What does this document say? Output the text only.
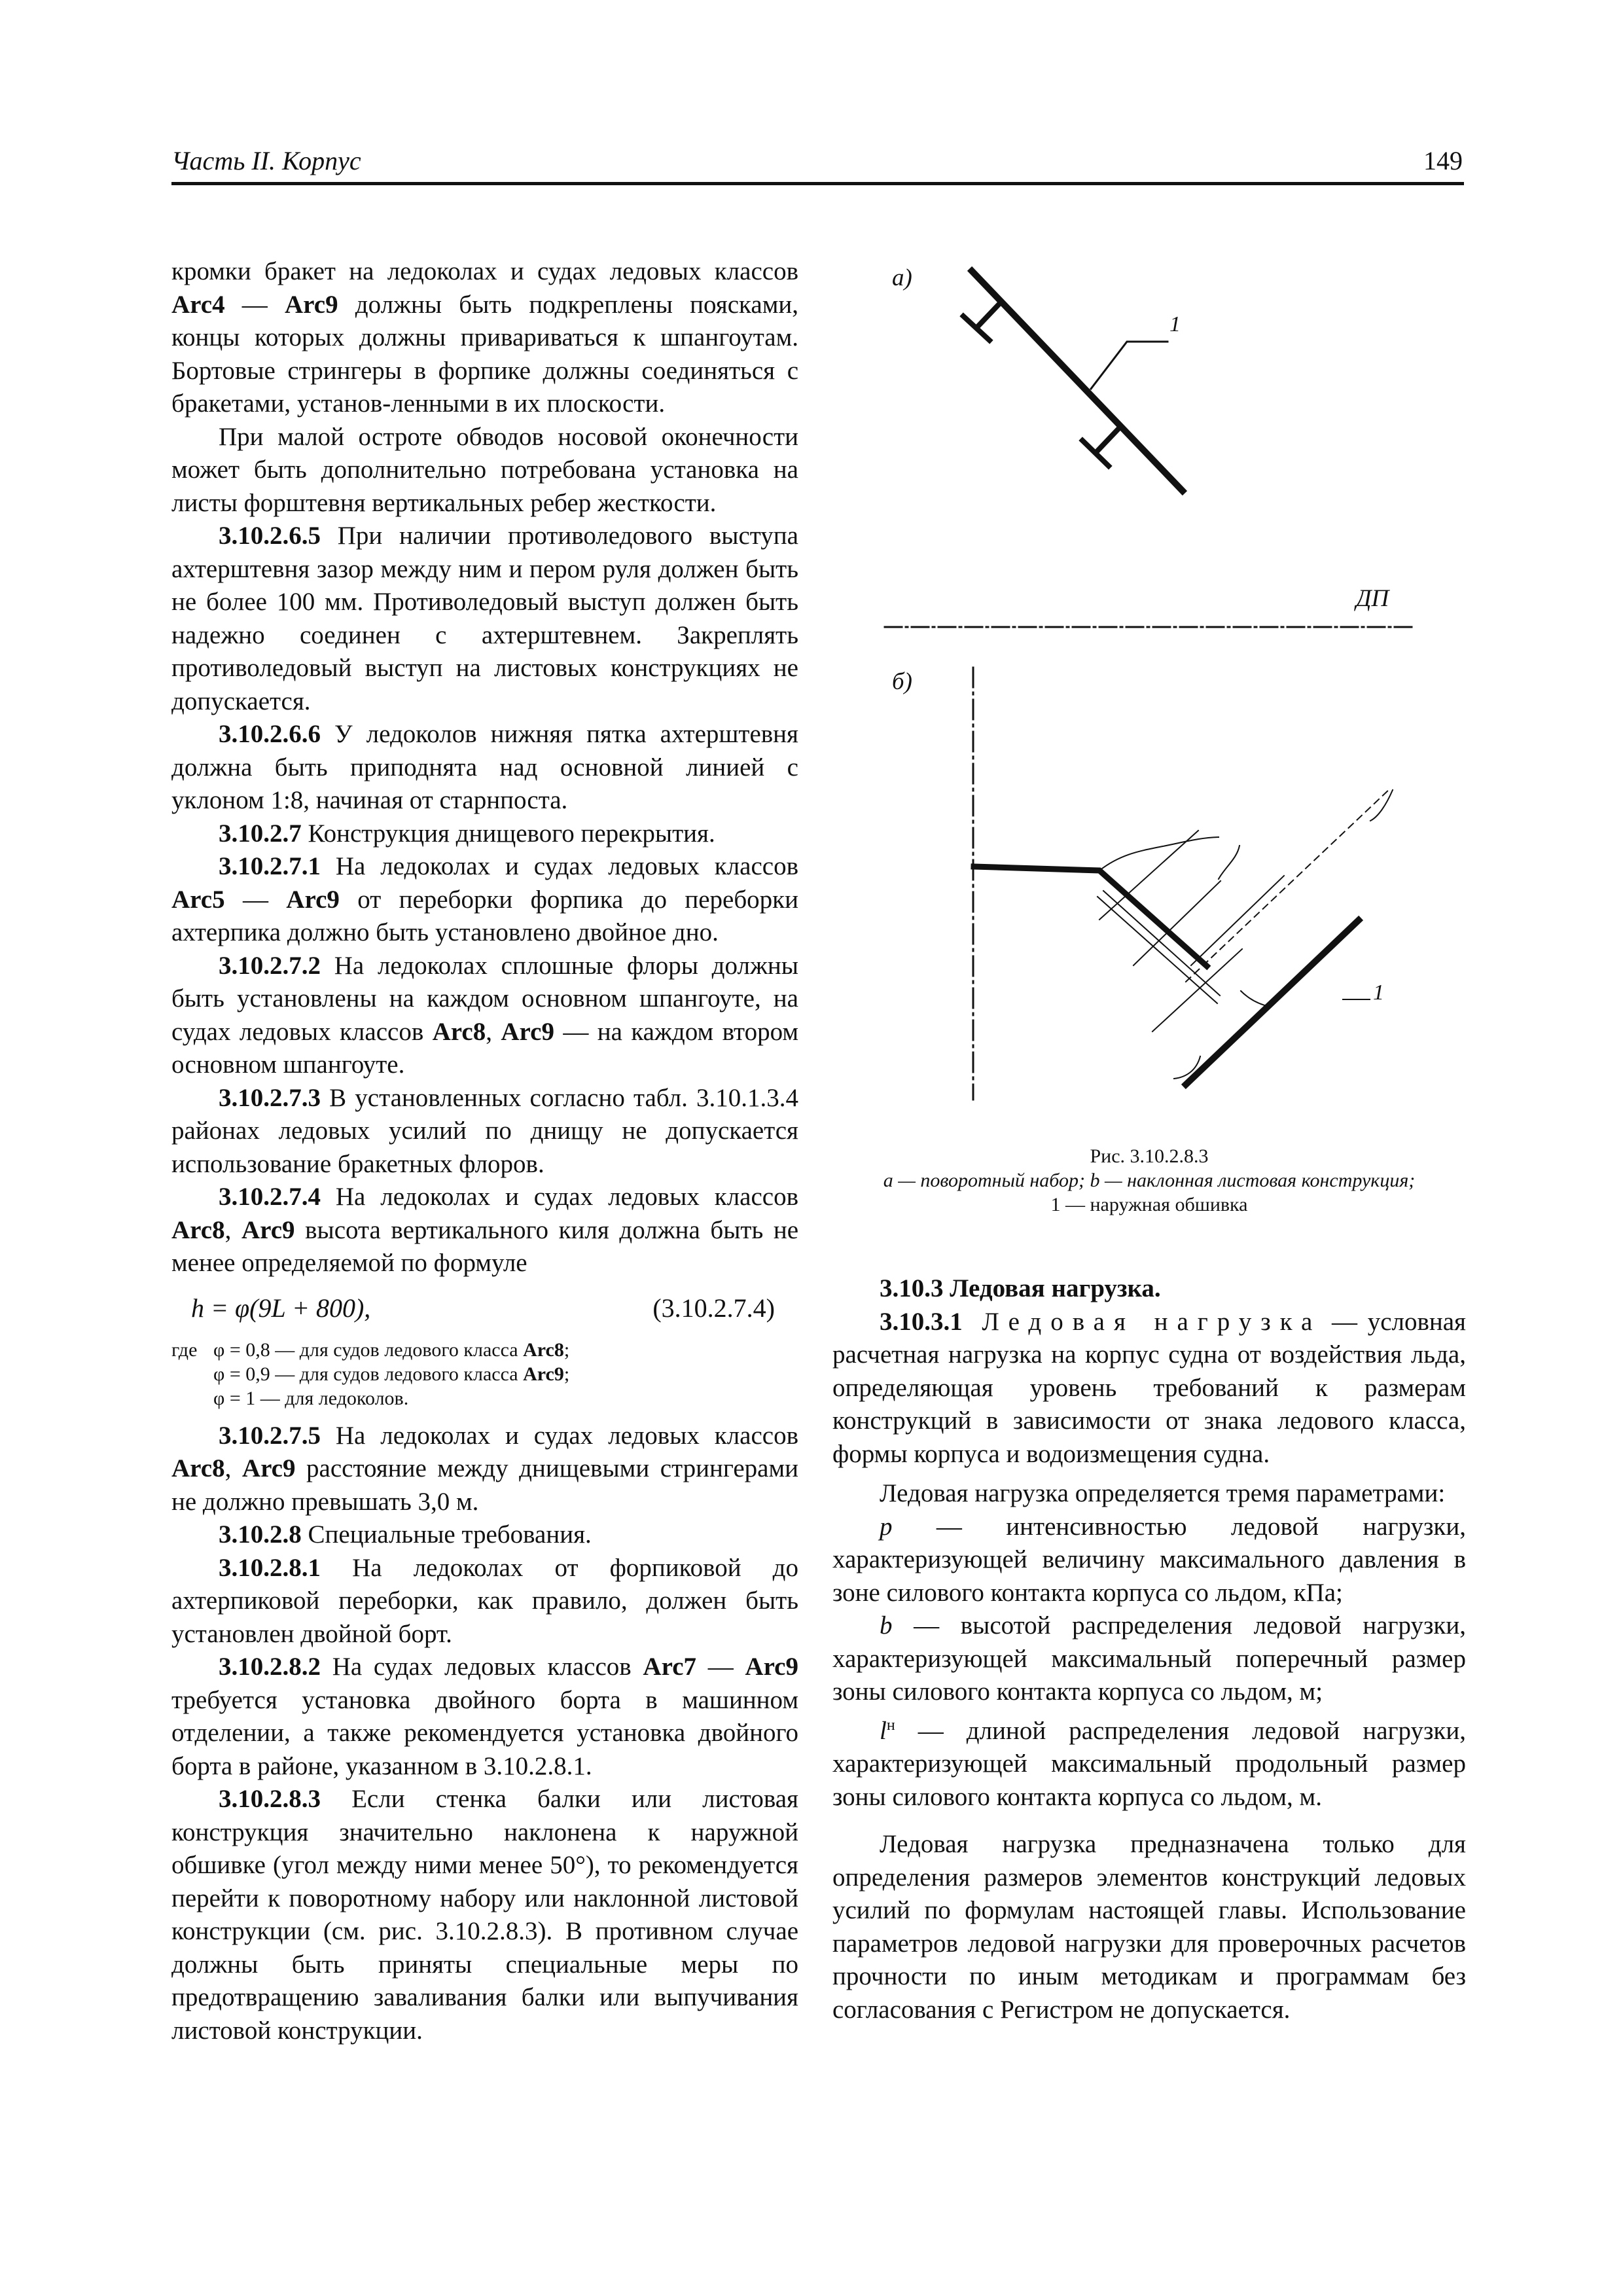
Часть II. Корпус	149

кромки бракет на ледоколах и судах ледовых классов Arc4 — Arc9 должны быть подкреплены поясками, концы которых должны привариваться к шпангоутам. Бортовые стрингеры в форпике должны соединяться с бракетами, установ-ленными в их плоскости.

При малой остроте обводов носовой оконечности может быть дополнительно потребована установка на листы форштевня вертикальных ребер жесткости.

3.10.2.6.5 При наличии противоледового выступа ахтерштевня зазор между ним и пером руля должен быть не более 100 мм. Противоледовый выступ должен быть надежно соединен с ахтерштевнем. Закреплять противоледовый выступ на листовых конструкциях не допускается.

3.10.2.6.6 У ледоколов нижняя пятка ахтерштевня должна быть приподнята над основной линией с уклоном 1:8, начиная от старнпоста.

3.10.2.7 Конструкция днищевого перекрытия.

3.10.2.7.1 На ледоколах и судах ледовых классов Arc5 — Arc9 от переборки форпика до переборки ахтерпика должно быть установлено двойное дно.

3.10.2.7.2 На ледоколах сплошные флоры должны быть установлены на каждом основном шпангоуте, на судах ледовых классов Arc8, Arc9 — на каждом втором основном шпангоуте.

3.10.2.7.3 В установленных согласно табл. 3.10.1.3.4 районах ледовых усилий по днищу не допускается использование бракетных флоров.

3.10.2.7.4 На ледоколах и судах ледовых классов Arc8, Arc9 высота вертикального киля должна быть не менее определяемой по формуле

h = φ(9L + 800),	(3.10.2.7.4)
где φ = 0,8 — для судов ледового класса Arc8;
φ = 0,9 — для судов ледового класса Arc9;
φ = 1 — для ледоколов.

3.10.2.7.5 На ледоколах и судах ледовых классов Arc8, Arc9 расстояние между днищевыми стрингерами не должно превышать 3,0 м.

3.10.2.8 Специальные требования.

3.10.2.8.1 На ледоколах от форпиковой до ахтерпиковой переборки, как правило, должен быть установлен двойной борт.

3.10.2.8.2 На судах ледовых классов Arc7 — Arc9 требуется установка двойного борта в машинном отделении, а также рекомендуется установка двойного борта в районе, указанном в 3.10.2.8.1.

3.10.2.8.3 Если стенка балки или листовая конструкция значительно наклонена к наружной обшивке (угол между ними менее 50°), то рекомендуется перейти к поворотному набору или наклонной листовой конструкции (см. рис. 3.10.2.8.3). В противном случае должны быть приняты специальные меры по предотвращению заваливания балки или выпучивания листовой конструкции.

а)
1
ДП
б)
1
Рис. 3.10.2.8.3
а — поворотный набор; b — наклонная листовая конструкция;
1 — наружная обшивка

3.10.3 Ледовая нагрузка.

3.10.3.1 Ледовая нагрузка — условная расчетная нагрузка на корпус судна от воздействия льда, определяющая уровень требований к размерам конструкций в зависимости от знака ледового класса, формы корпуса и водоизмещения судна.

Ледовая нагрузка определяется тремя параметрами:

p — интенсивностью ледовой нагрузки, характеризующей величину максимального давления в зоне силового контакта корпуса со льдом, кПа;

b — высотой распределения ледовой нагрузки, характеризующей максимальный поперечный размер зоны силового контакта корпуса со льдом, м;

$l^н$ — длиной распределения ледовой нагрузки, характеризующей максимальный продольный размер зоны силового контакта корпуса со льдом, м.

Ледовая нагрузка предназначена только для определения размеров элементов конструкций ледовых усилий по формулам настоящей главы. Использование параметров ледовой нагрузки для проверочных расчетов прочности по иным методикам и программам без согласования с Регистром не допускается.
